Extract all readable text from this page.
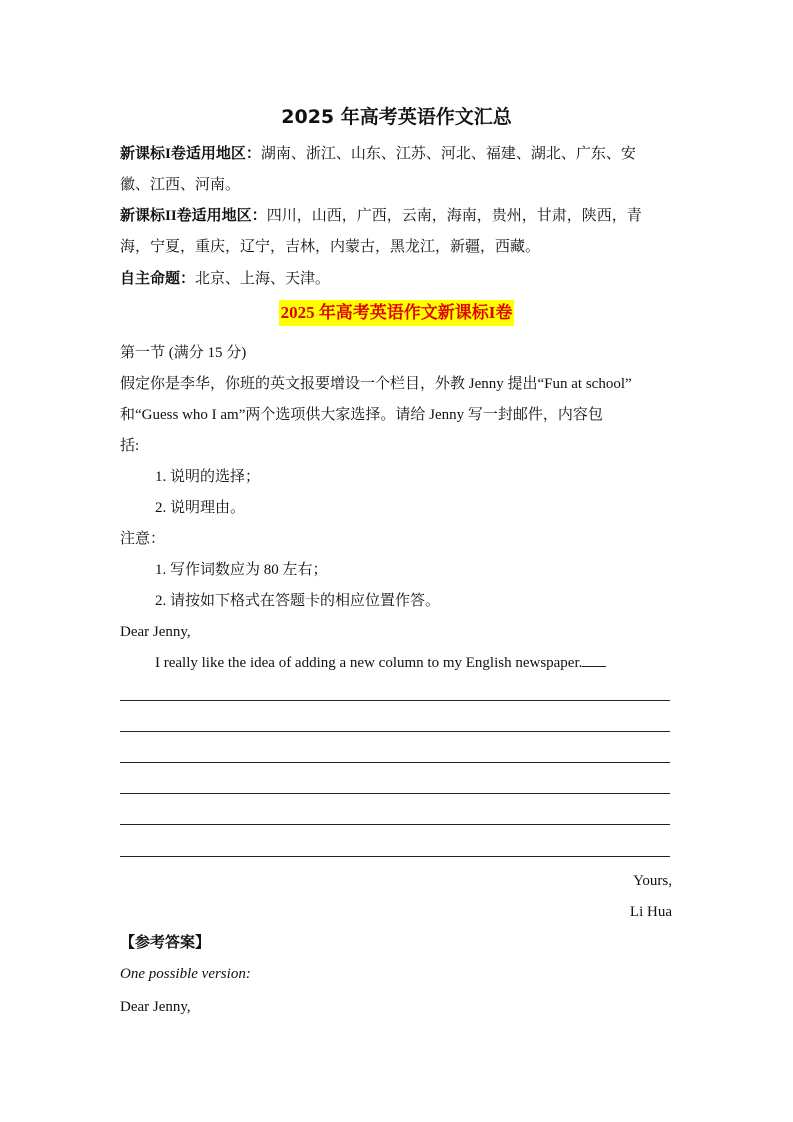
2025 年高考英语作文汇总
新课标I卷适用地区：湖南、浙江、山东、江苏、河北、福建、湖北、广东、安
徽、江西、河南。
新课标II卷适用地区：四川，山西，广西，云南，海南，贵州，甘肃，陕西，青
海，宁夏，重庆，辽宁，吉林，内蒙古，黑龙江，新疆，西藏。
自主命题：北京、上海、天津。
2025 年高考英语作文新课标I卷
第一节 (满分 15 分)
假定你是李华，你班的英文报要增设一个栏目，外教 Jenny 提出“Fun at school”
和“Guess who I am”两个选项供大家选择。请给 Jenny 写一封邮件，内容包
括:
1. 说明的选择；
2. 说明理由。
注意：
1. 写作词数应为 80 左右；
2. 请按如下格式在答题卡的相应位置作答。
Dear Jenny,
I really like the idea of adding a new column to my English newspaper.
Yours,
Li Hua
【参考答案】
One possible version:
Dear Jenny,
